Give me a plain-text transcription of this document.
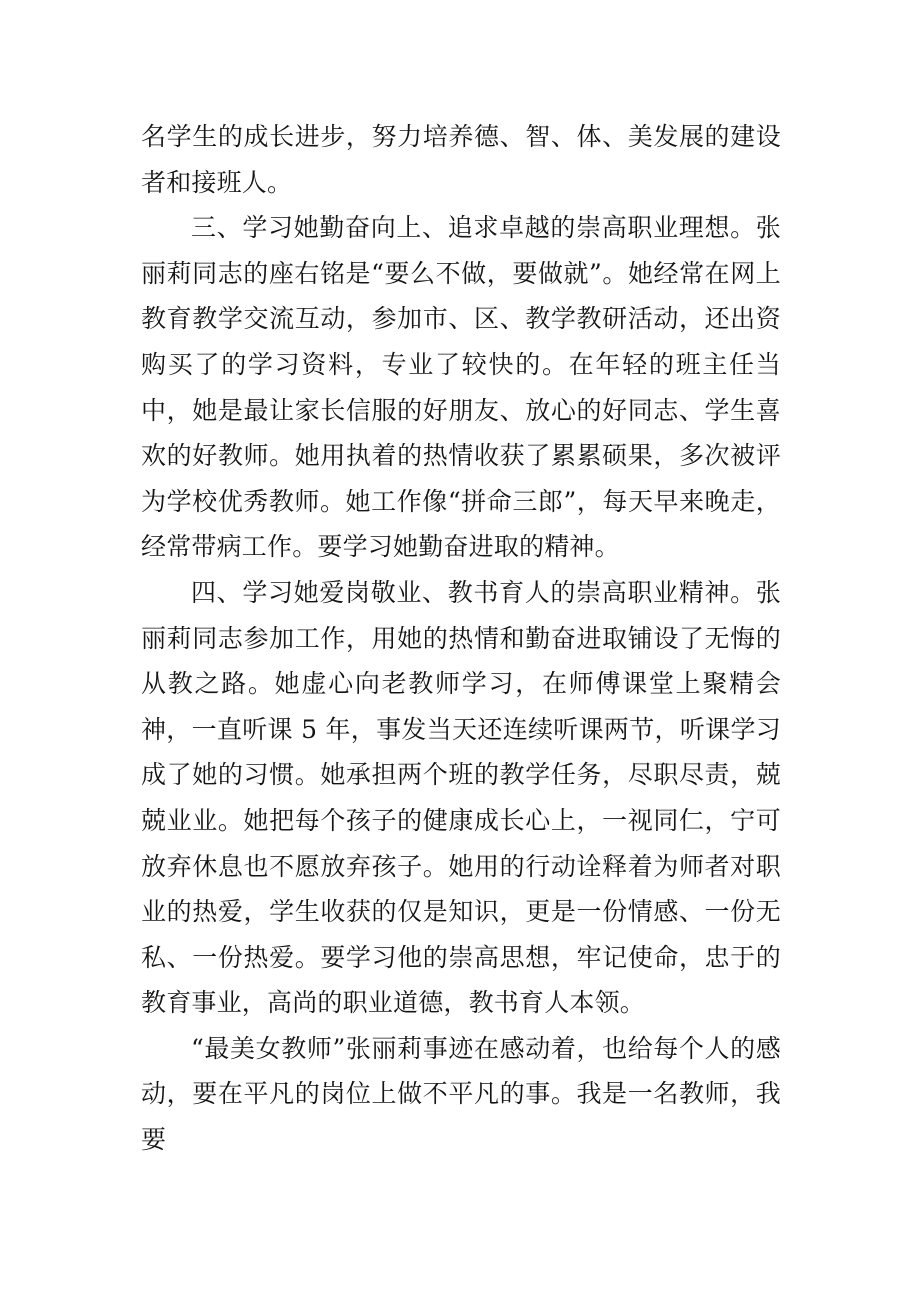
名学生的成长进步，努力培养德、智、体、美发展的建设者和接班人。

三、学习她勤奋向上、追求卓越的崇高职业理想。张丽莉同志的座右铭是“要么不做，要做就”。她经常在网上教育教学交流互动，参加市、区、教学教研活动，还出资购买了的学习资料，专业了较快的。在年轻的班主任当中，她是最让家长信服的好朋友、放心的好同志、学生喜欢的好教师。她用执着的热情收获了累累硕果，多次被评为学校优秀教师。她工作像“拼命三郎”，每天早来晚走，经常带病工作。要学习她勤奋进取的精神。

四、学习她爱岗敬业、教书育人的崇高职业精神。张丽莉同志参加工作，用她的热情和勤奋进取铺设了无悔的从教之路。她虚心向老教师学习，在师傅课堂上聚精会神，一直听课 5 年，事发当天还连续听课两节，听课学习成了她的习惯。她承担两个班的教学任务，尽职尽责，兢兢业业。她把每个孩子的健康成长心上，一视同仁，宁可放弃休息也不愿放弃孩子。她用的行动诠释着为师者对职业的热爱，学生收获的仅是知识，更是一份情感、一份无私、一份热爱。要学习他的崇高思想，牢记使命，忠于的教育事业，高尚的职业道德，教书育人本领。

“最美女教师”张丽莉事迹在感动着，也给每个人的感动，要在平凡的岗位上做不平凡的事。我是一名教师，我要
